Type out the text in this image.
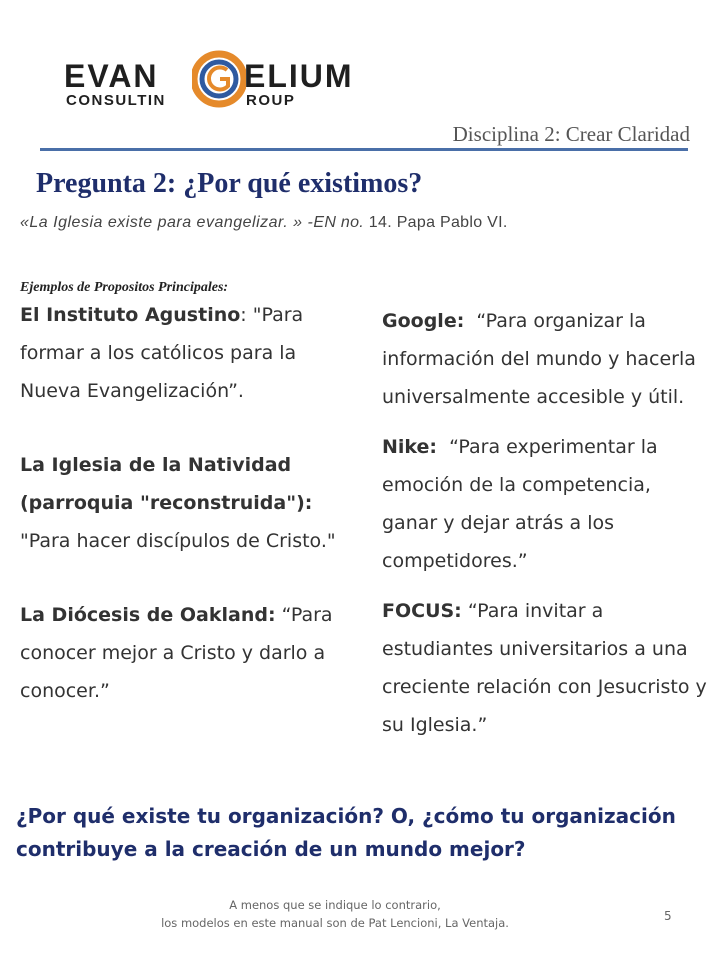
EVAN	ELIUM
CONSULTIN	ROUP
Disciplina 2: Crear Claridad
Pregunta 2: ¿Por qué existimos?
«La Iglesia existe para evangelizar. » -EN no. 14. Papa Pablo VI.
Ejemplos de Propositos Principales:

El Instituto Agustino: "Para formar a los católicos para la Nueva Evangelización”.

La Iglesia de la Natividad (parroquia "reconstruida"): "Para hacer discípulos de Cristo."

La Diócesis de Oakland: “Para conocer mejor a Cristo y darlo a conocer.”

Google: “Para organizar la información del mundo y hacerla universalmente accesible y útil.

Nike: “Para experimentar la emoción de la competencia, ganar y dejar atrás a los competidores.”

FOCUS: “Para invitar a estudiantes universitarios a una creciente relación con Jesucristo y su Iglesia.”

¿Por qué existe tu organización? O, ¿cómo tu organización contribuye a la creación de un mundo mejor?
A menos que se indique lo contrario,
los modelos en este manual son de Pat Lencioni, La Ventaja.	5
